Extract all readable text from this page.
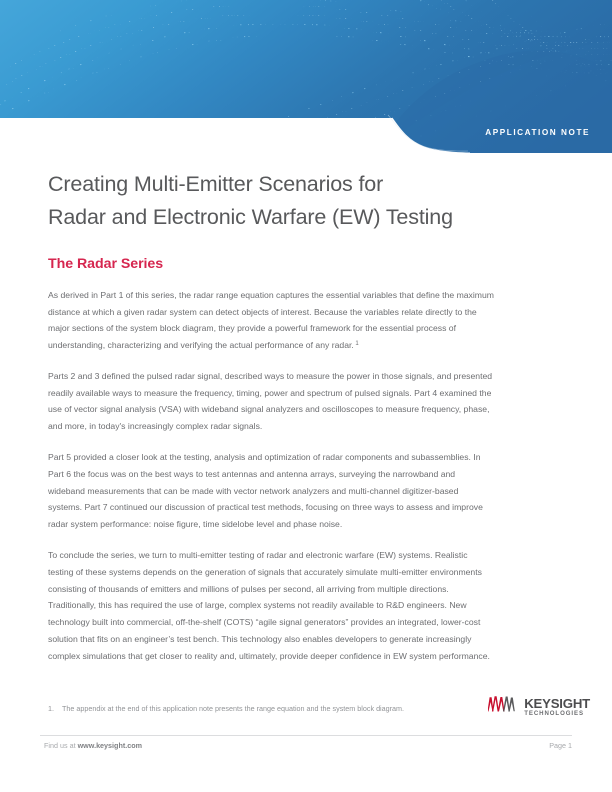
APPLICATION NOTE
Creating Multi-Emitter Scenarios for
Radar and Electronic Warfare (EW) Testing
The Radar Series

As derived in Part 1 of this series, the radar range equation captures the essential variables that define the maximum distance at which a given radar system can detect objects of interest. Because the variables relate directly to the major sections of the system block diagram, they provide a powerful framework for the essential process of understanding, characterizing and verifying the actual performance of any radar. $^1$

Parts 2 and 3 defined the pulsed radar signal, described ways to measure the power in those signals, and presented readily available ways to measure the frequency, timing, power and spectrum of pulsed signals. Part 4 examined the use of vector signal analysis (VSA) with wideband signal analyzers and oscilloscopes to measure frequency, phase, and more, in today's increasingly complex radar signals.

Part 5 provided a closer look at the testing, analysis and optimization of radar components and subassemblies. In Part 6 the focus was on the best ways to test antennas and antenna arrays, surveying the narrowband and wideband measurements that can be made with vector network analyzers and multi-channel digitizer-based systems. Part 7 continued our discussion of practical test methods, focusing on three ways to assess and improve radar system performance: noise figure, time sidelobe level and phase noise.

To conclude the series, we turn to multi-emitter testing of radar and electronic warfare (EW) systems. Realistic testing of these systems depends on the generation of signals that accurately simulate multi-emitter environments consisting of thousands of emitters and millions of pulses per second, all arriving from multiple directions. Traditionally, this has required the use of large, complex systems not readily available to R&D engineers. New technology built into commercial, off-the-shelf (COTS) “agile signal generators” provides an integrated, lower-cost solution that fits on an engineer’s test bench. This technology also enables developers to generate increasingly complex simulations that get closer to reality and, ultimately, provide deeper confidence in EW system performance.

1.	The appendix at the end of this application note presents the range equation and the system block diagram.	KEYSIGHT
TECHNOLOGIES
Find us at www.keysight.com	Page 1
